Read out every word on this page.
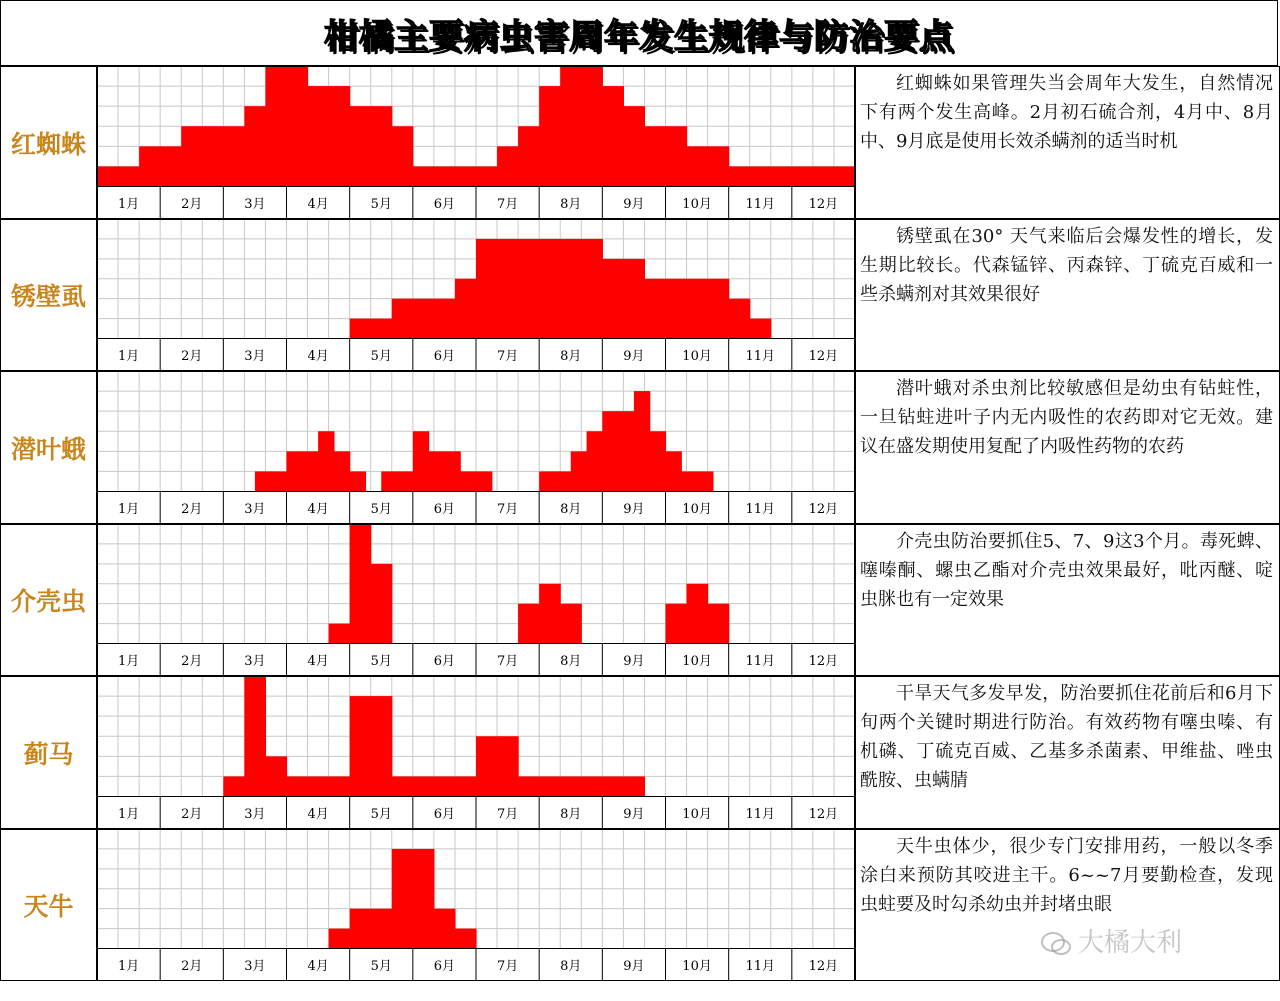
柑橘主要病虫害周年发生规律与防治要点
红蜘蛛
1月	2月	3月	4月	5月	6月	7月	8月	9月	10月	11月	12月
红蜘蛛如果管理失当会周年大发生，自然情况下有两个发生高峰。2月初石硫合剂，4月中、8月中、9月底是使用长效杀螨剂的适当时机
锈壁虱
1月	2月	3月	4月	5月	6月	7月	8月	9月	10月	11月	12月
锈壁虱在30° 天气来临后会爆发性的增长，发生期比较长。代森锰锌、丙森锌、丁硫克百威和一些杀螨剂对其效果很好
潜叶蛾
1月	2月	3月	4月	5月	6月	7月	8月	9月	10月	11月	12月
潜叶蛾对杀虫剂比较敏感但是幼虫有钻蛀性，一旦钻蛀进叶子内无内吸性的农药即对它无效。建议在盛发期使用复配了内吸性药物的农药
介壳虫
1月	2月	3月	4月	5月	6月	7月	8月	9月	10月	11月	12月
介壳虫防治要抓住5、7、9这3个月。毒死蜱、噻嗪酮、螺虫乙酯对介壳虫效果最好，吡丙醚、啶虫脒也有一定效果
蓟马
1月	2月	3月	4月	5月	6月	7月	8月	9月	10月	11月	12月
干旱天气多发早发，防治要抓住花前后和6月下旬两个关键时期进行防治。有效药物有噻虫嗪、有机磷、丁硫克百威、乙基多杀菌素、甲维盐、唑虫酰胺、虫螨腈
天牛
1月	2月	3月	4月	5月	6月	7月	8月	9月	10月	11月	12月
天牛虫体少，很少专门安排用药，一般以冬季涂白来预防其咬进主干。6~~7月要勤检查，发现虫蛀要及时勾杀幼虫并封堵虫眼
大橘大利
